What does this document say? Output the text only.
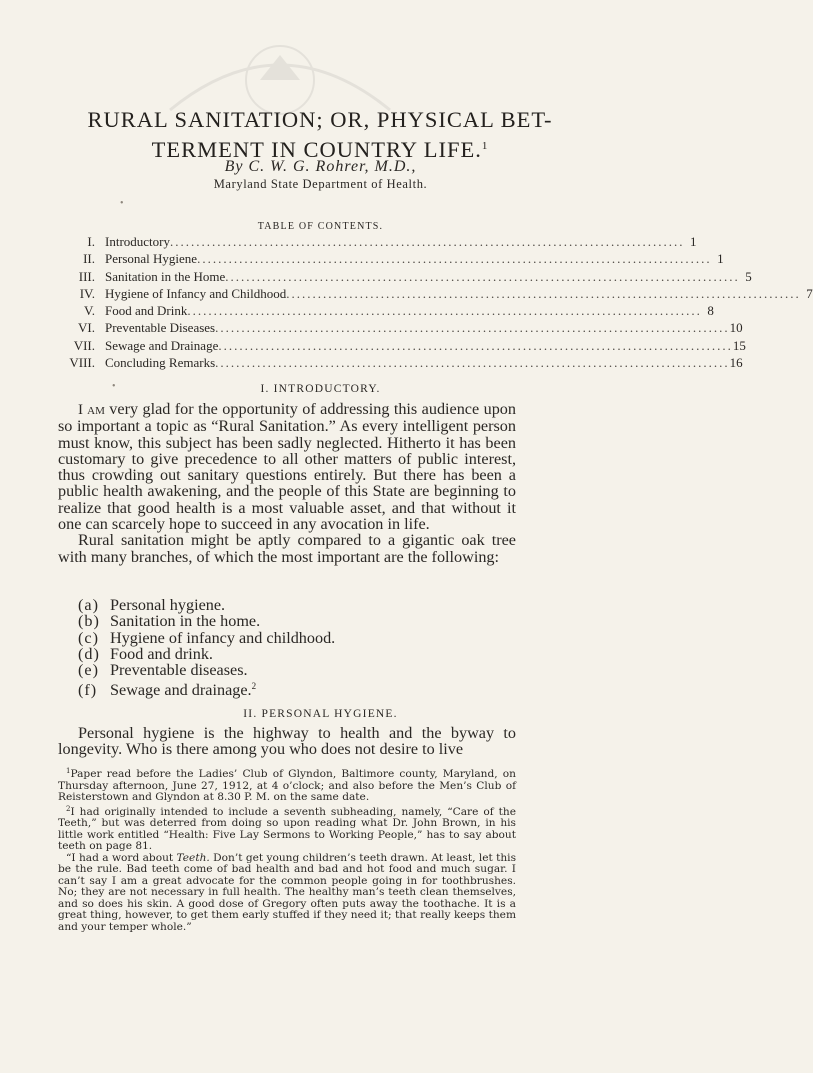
RURAL SANITATION; OR, PHYSICAL BET-
TERMENT IN COUNTRY LIFE.$^1$
By C. W. G. Rohrer, M.D.,
Maryland State Department of Health.
•
TABLE OF CONTENTS.
I. Introductory .................................................................................................. 1
II. Personal Hygiene .................................................................................................. 1
III. Sanitation in the Home .................................................................................................. 5
IV. Hygiene of Infancy and Childhood .................................................................................................. 7
V. Food and Drink .................................................................................................. 8
VI. Preventable Diseases .................................................................................................. 10
VII. Sewage and Drainage .................................................................................................. 15
VIII. Concluding Remarks .................................................................................................. 16
•	I. INTRODUCTORY.

I am very glad for the opportunity of addressing this audience upon so important a topic as “Rural Sanitation.” As every intelligent person must know, this subject has been sadly neglected. Hitherto it has been customary to give precedence to all other matters of public interest, thus crowding out sanitary questions entirely. But there has been a public health awakening, and the people of this State are beginning to realize that good health is a most valuable asset, and that without it one can scarcely hope to succeed in any avocation in life.

Rural sanitation might be aptly compared to a gigantic oak tree with many branches, of which the most important are the following:

(a) Personal hygiene.
(b) Sanitation in the home.
(c) Hygiene of infancy and childhood.
(d) Food and drink.
(e) Preventable diseases.
(f) Sewage and drainage.$^2$
II. PERSONAL HYGIENE.

Personal hygiene is the highway to health and the byway to longevity. Who is there among you who does not desire to live

$^1$Paper read before the Ladies’ Club of Glyndon, Baltimore county, Maryland, on Thursday afternoon, June 27, 1912, at 4 o’clock; and also before the Men’s Club of Reisterstown and Glyndon at 8.30 P. M. on the same date.

$^2$I had originally intended to include a seventh subheading, namely, “Care of the Teeth,” but was deterred from doing so upon reading what Dr. John Brown, in his little work entitled “Health: Five Lay Sermons to Working People,” has to say about teeth on page 81.

“I had a word about Teeth. Don’t get young children’s teeth drawn. At least, let this be the rule. Bad teeth come of bad health and bad and hot food and much sugar. I can’t say I am a great advocate for the common people going in for toothbrushes. No; they are not necessary in full health. The healthy man’s teeth clean themselves, and so does his skin. A good dose of Gregory often puts away the toothache. It is a great thing, however, to get them early stuffed if they need it; that really keeps them and your temper whole.”
